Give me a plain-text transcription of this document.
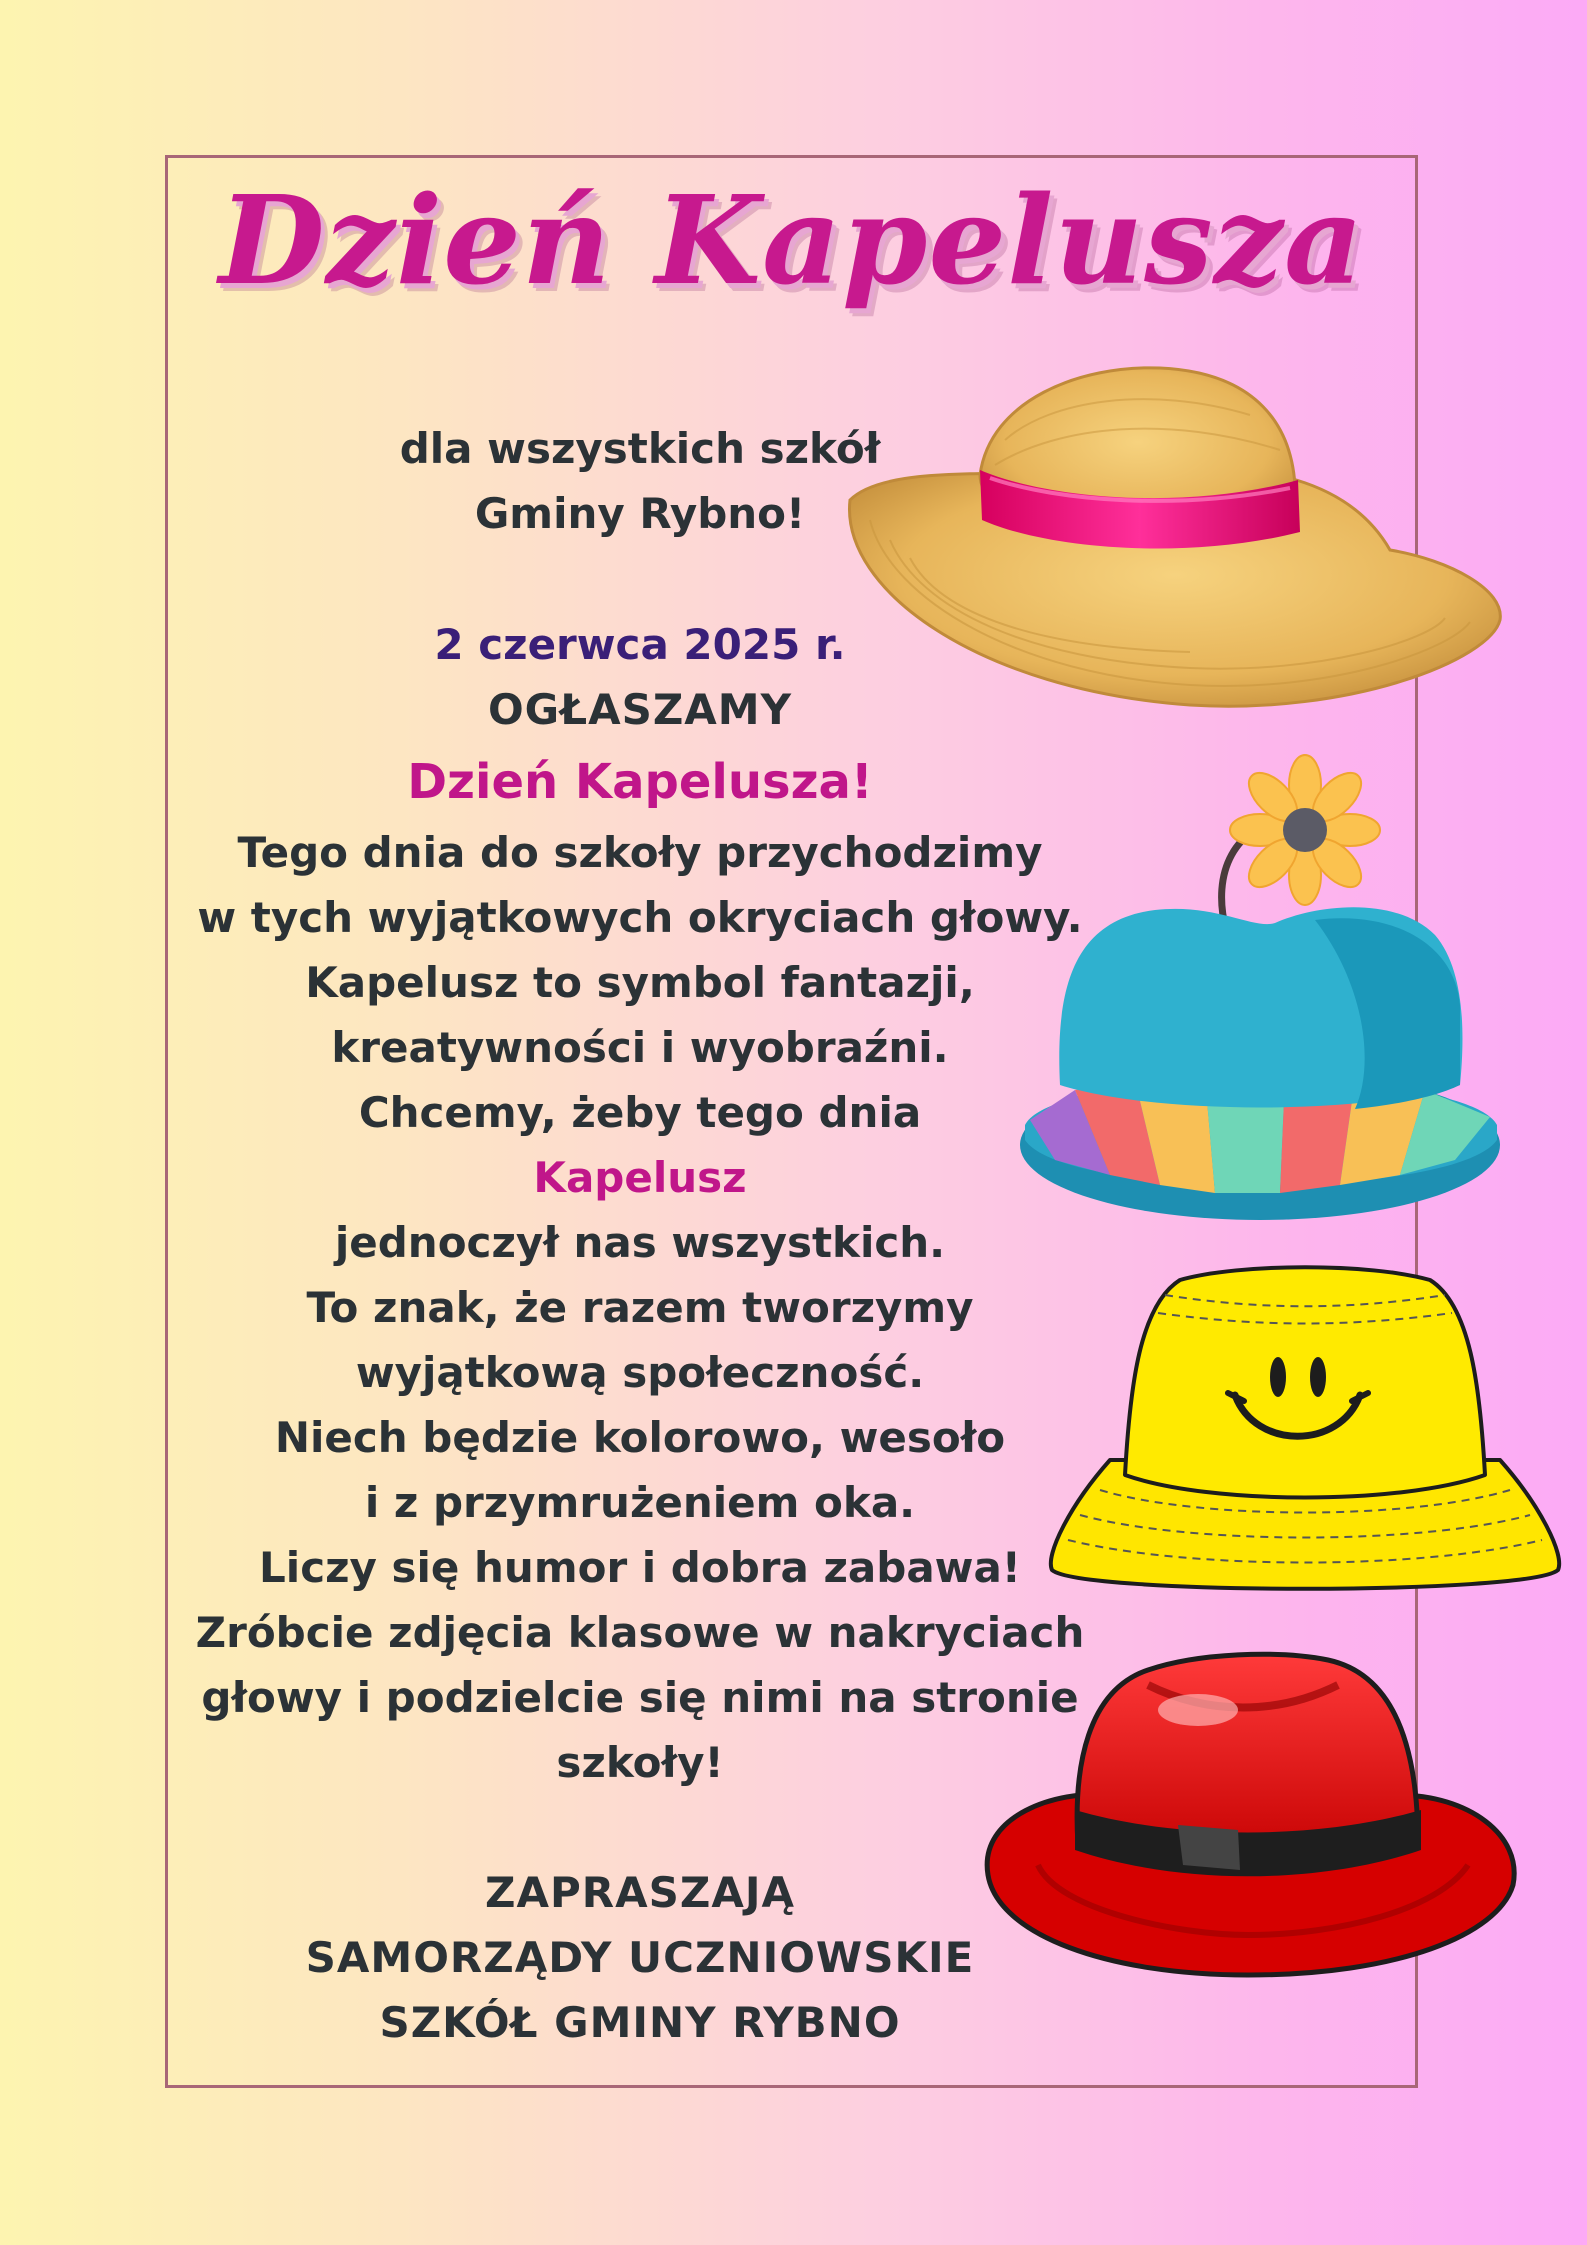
Dzień Kapelusza
dla wszystkich szkół
Gminy Rybno!
2 czerwca 2025 r.
OGŁASZAMY
Dzień Kapelusza!
Tego dnia do szkoły przychodzimy
w tych wyjątkowych okryciach głowy.
Kapelusz to symbol fantazji,
kreatywności i wyobraźni.
Chcemy, żeby tego dnia
Kapelusz
jednoczył nas wszystkich.
To znak, że razem tworzymy
wyjątkową społeczność.
Niech będzie kolorowo, wesoło
i z przymrużeniem oka.
Liczy się humor i dobra zabawa!
Zróbcie zdjęcia klasowe w nakryciach
głowy i podzielcie się nimi na stronie
szkoły!
ZAPRASZAJĄ
SAMORZĄDY UCZNIOWSKIE
SZKÓŁ GMINY RYBNO
